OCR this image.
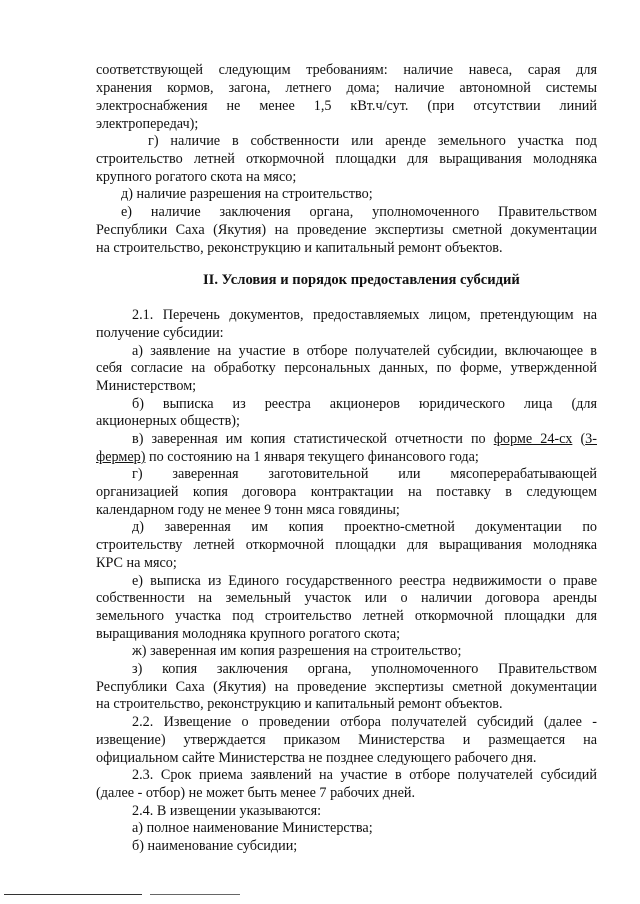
соответствующей следующим требованиям: наличие навеса, сарая для
хранения кормов, загона, летнего дома; наличие автономной системы
электроснабжения не менее 1,5 кВт.ч/сут. (при отсутствии линий
электропередач);
г) наличие в собственности или аренде земельного участка под
строительство летней откормочной площадки для выращивания молодняка
крупного рогатого скота на мясо;
д) наличие разрешения на строительство;
е) наличие заключения органа, уполномоченного Правительством
Республики Саха (Якутия) на проведение экспертизы сметной документации
на строительство, реконструкцию и капитальный ремонт объектов.
II. Условия и порядок предоставления субсидий
2.1. Перечень документов, предоставляемых лицом, претендующим на
получение субсидии:
а) заявление на участие в отборе получателей субсидии, включающее в
себя согласие на обработку персональных данных, по форме, утвержденной
Министерством;
б) выписка из реестра акционеров юридического лица (для
акционерных обществ);
в) заверенная им копия статистической отчетности по форме 24-сх (3-
фермер) по состоянию на 1 января текущего финансового года;
г) заверенная заготовительной или мясоперерабатывающей
организацией копия договора контрактации на поставку в следующем
календарном году не менее 9 тонн мяса говядины;
д) заверенная им копия проектно-сметной документации по
строительству летней откормочной площадки для выращивания молодняка
КРС на мясо;
е) выписка из Единого государственного реестра недвижимости о праве
собственности на земельный участок или о наличии договора аренды
земельного участка под строительство летней откормочной площадки для
выращивания молодняка крупного рогатого скота;
ж) заверенная им копия разрешения на строительство;
з) копия заключения органа, уполномоченного Правительством
Республики Саха (Якутия) на проведение экспертизы сметной документации
на строительство, реконструкцию и капитальный ремонт объектов.
2.2. Извещение о проведении отбора получателей субсидий (далее -
извещение) утверждается приказом Министерства и размещается на
официальном сайте Министерства не позднее следующего рабочего дня.
2.3. Срок приема заявлений на участие в отборе получателей субсидий
(далее - отбор) не может быть менее 7 рабочих дней.
2.4. В извещении указываются:
а) полное наименование Министерства;
б) наименование субсидии;
